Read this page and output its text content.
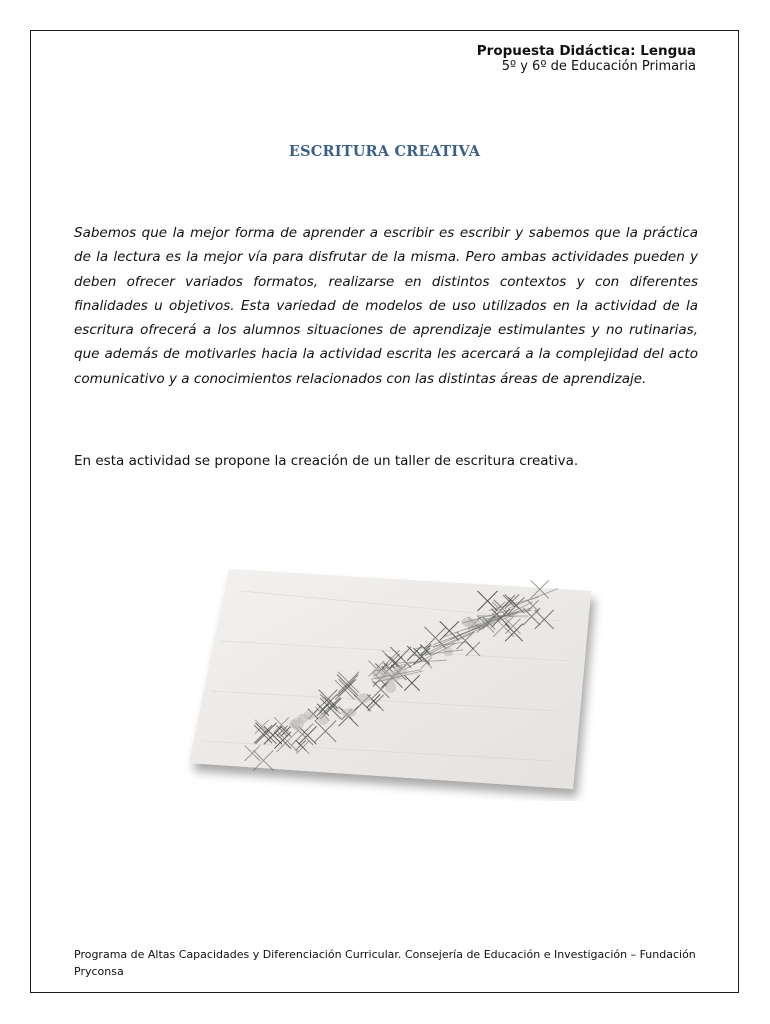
Propuesta Didáctica: Lengua
5º y 6º de Educación Primaria
ESCRITURA CREATIVA

Sabemos que la mejor forma de aprender a escribir es escribir y sabemos que la práctica de la lectura es la mejor vía para disfrutar de la misma. Pero ambas actividades pueden y deben ofrecer variados formatos, realizarse en distintos contextos y con diferentes finalidades u objetivos. Esta variedad de modelos de uso utilizados en la actividad de la escritura ofrecerá a los alumnos situaciones de aprendizaje estimulantes y no rutinarias, que además de motivarles hacia la actividad escrita les acercará a la complejidad del acto comunicativo y a conocimientos relacionados con las distintas áreas de aprendizaje.

En esta actividad se propone la creación de un taller de escritura creativa.

Programa de Altas Capacidades y Diferenciación Curricular. Consejería de Educación e Investigación – Fundación Pryconsa
